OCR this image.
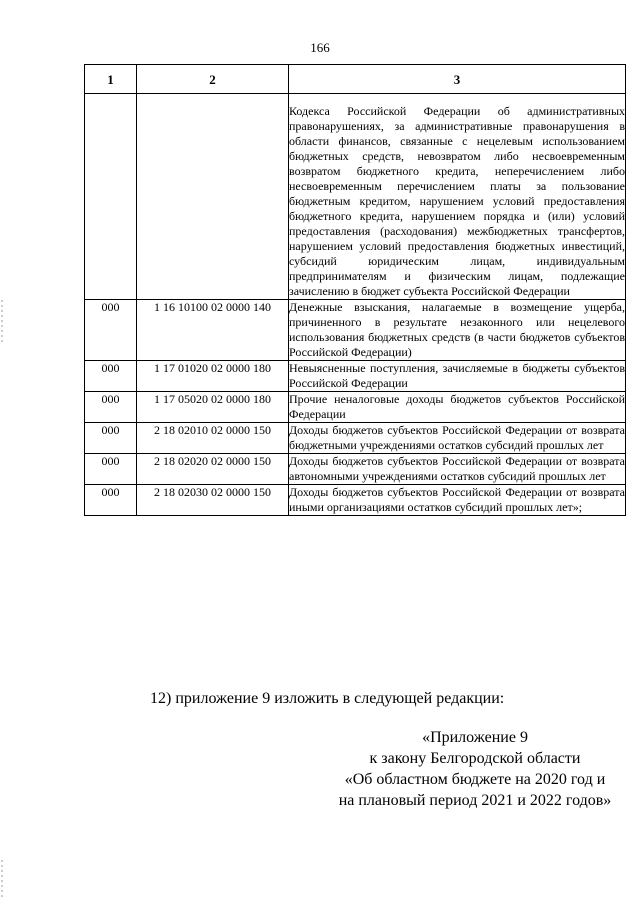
166
1	2	3
		Кодекса Российской Федерации об административных правонарушениях, за административные правонарушения в области финансов, связанные с нецелевым использованием бюджетных средств, невозвратом либо несвоевременным возвратом бюджетного кредита, неперечислением либо несвоевременным перечислением платы за пользование бюджетным кредитом, нарушением условий предоставления бюджетного кредита, нарушением порядка и (или) условий предоставления (расходования) межбюджетных трансфертов, нарушением условий предоставления бюджетных инвестиций, субсидий юридическим лицам, индивидуальным предпринимателям и физическим лицам, подлежащие зачислению в бюджет субъекта Российской Федерации
000	1 16 10100 02 0000 140	Денежные взыскания, налагаемые в возмещение ущерба, причиненного в результате незаконного или нецелевого использования бюджетных средств (в части бюджетов субъектов Российской Федерации)
000	1 17 01020 02 0000 180	Невыясненные поступления, зачисляемые в бюджеты субъектов Российской Федерации
000	1 17 05020 02 0000 180	Прочие неналоговые доходы бюджетов субъектов Российской Федерации
000	2 18 02010 02 0000 150	Доходы бюджетов субъектов Российской Федерации от возврата бюджетными учреждениями остатков субсидий прошлых лет
000	2 18 02020 02 0000 150	Доходы бюджетов субъектов Российской Федерации от возврата автономными учреждениями остатков субсидий прошлых лет
000	2 18 02030 02 0000 150	Доходы бюджетов субъектов Российской Федерации от возврата иными организациями остатков субсидий прошлых лет»;
12) приложение 9 изложить в следующей редакции:
«Приложение 9
к закону Белгородской области
«Об областном бюджете на 2020 год и
на плановый период 2021 и 2022 годов»
